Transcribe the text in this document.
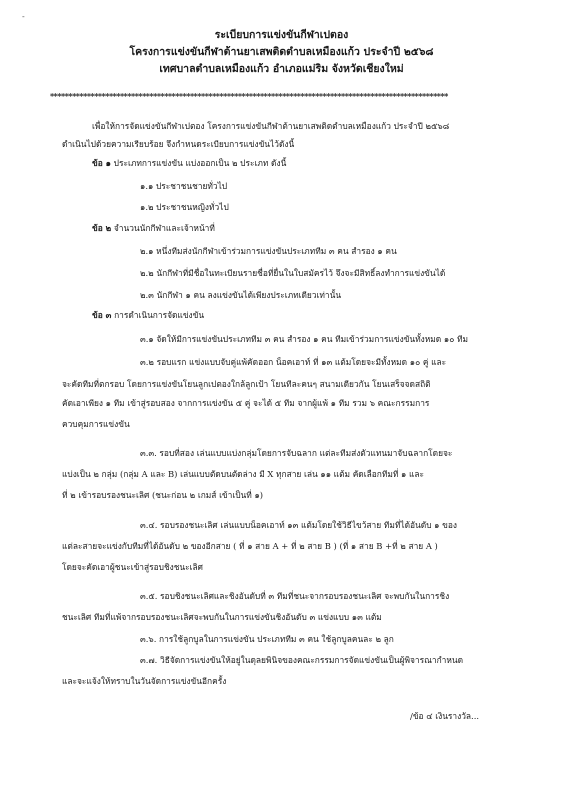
-
ระเบียบการแข่งขันกีฬาเปตอง
โครงการแข่งขันกีฬาต้านยาเสพติดตำบลเหมืองแก้ว ประจำปี ๒๕๖๘
เทศบาลตำบลเหมืองแก้ว อำเภอแม่ริม จังหวัดเชียงใหม่
************************************************************************************************************
เพื่อให้การจัดแข่งขันกีฬาเปตอง โครงการแข่งขันกีฬาต้านยาเสพติดตำบลเหมืองแก้ว ประจำปี ๒๕๖๘
ดำเนินไปด้วยความเรียบร้อย จึงกำหนดระเบียบการแข่งขันไว้ดังนี้
ข้อ ๑ ประเภทการแข่งขัน แบ่งออกเป็น ๒ ประเภท ดังนี้
๑.๑ ประชาชนชายทั่วไป
๑.๒ ประชาชนหญิงทั่วไป
ข้อ ๒ จำนวนนักกีฬาและเจ้าหน้าที่
๒.๑ หนึ่งทีมส่งนักกีฬาเข้าร่วมการแข่งขันประเภททีม ๓ คน สำรอง ๑ คน
๒.๒ นักกีฬาที่มีชื่อในทะเบียนรายชื่อที่ยื่นในใบสมัครไว้ จึงจะมีสิทธิ์ลงทำการแข่งขันได้
๒.๓ นักกีฬา ๑ คน ลงแข่งขันได้เพียงประเภทเดียวเท่านั้น
ข้อ ๓ การดำเนินการจัดแข่งขัน
๓.๑ จัดให้มีการแข่งขันประเภททีม ๓ คน สำรอง ๑ คน ทีมเข้าร่วมการแข่งขันทั้งหมด ๑๐ ทีม
๓.๒ รอบแรก แข่งแบบจับคู่แพ้คัดออก น็อคเอาท์ ที่ ๑๓ แต้มโดยจะมีทั้งหมด ๑๐ คู่ และ
จะคัดทีมที่ตกรอบ โดยการแข่งขันโยนลูกเปตองใกล้ลูกเป้า โยนทีละคนๆ สนามเดียวกัน โยนเสร็จจดสถิติ
คัดเอาเพียง ๑ ทีม เข้าสู่รอบสอง จากการแข่งขัน ๕ คู่ จะได้ ๕ ทีม จากผู้แพ้ ๑ ทีม รวม ๖ คณะกรรมการ
ควบคุมการแข่งขัน
๓.๓. รอบที่สอง เล่นแบบแบ่งกลุ่มโดยการจับฉลาก แต่ละทีมส่งตัวแทนมาจับฉลากโดยจะ
แบ่งเป็น ๒ กลุ่ม (กลุ่ม A และ B) เล่นแบบตัดบนตัดล่าง มี X ทุกสาย เล่น ๑๑ แต้ม คัดเลือกทีมที่ ๑ และ
ที่ ๒ เข้ารอบรองชนะเลิศ (ชนะก่อน ๒ เกมส์ เข้าเป็นที่ ๑)
๓.๔. รอบรองชนะเลิศ เล่นแบบน็อคเอาท์ ๑๓ แต้มโดยใช้วิธีไขว้สาย ทีมที่ได้อันดับ ๑ ของ
แต่ละสายจะแข่งกับทีมที่ได้อันดับ ๒ ของอีกสาย ( ที่ ๑ สาย A + ที่ ๒ สาย B ) (ที่ ๑ สาย B +ที่ ๒ สาย A )
โดยจะคัดเอาผู้ชนะเข้าสู่รอบชิงชนะเลิศ
๓.๕. รอบชิงชนะเลิศและชิงอันดับที่ ๓ ทีมที่ชนะจากรอบรองชนะเลิศ จะพบกันในการชิง
ชนะเลิศ ทีมที่แพ้จากรอบรองชนะเลิศจะพบกันในการแข่งขันชิงอันดับ ๓ แข่งแบบ ๑๓ แต้ม
๓.๖. การใช้ลูกบูลในการแข่งขัน ประเภททีม ๓ คน ใช้ลูกบูลคนละ ๒ ลูก
๓.๗. วิธีจัดการแข่งขันให้อยู่ในดุลยพินิจของคณะกรรมการจัดแข่งขันเป็นผู้พิจารณากำหนด
และจะแจ้งให้ทราบในวันจัดการแข่งขันอีกครั้ง
/ข้อ ๔ เงินรางวัล...
